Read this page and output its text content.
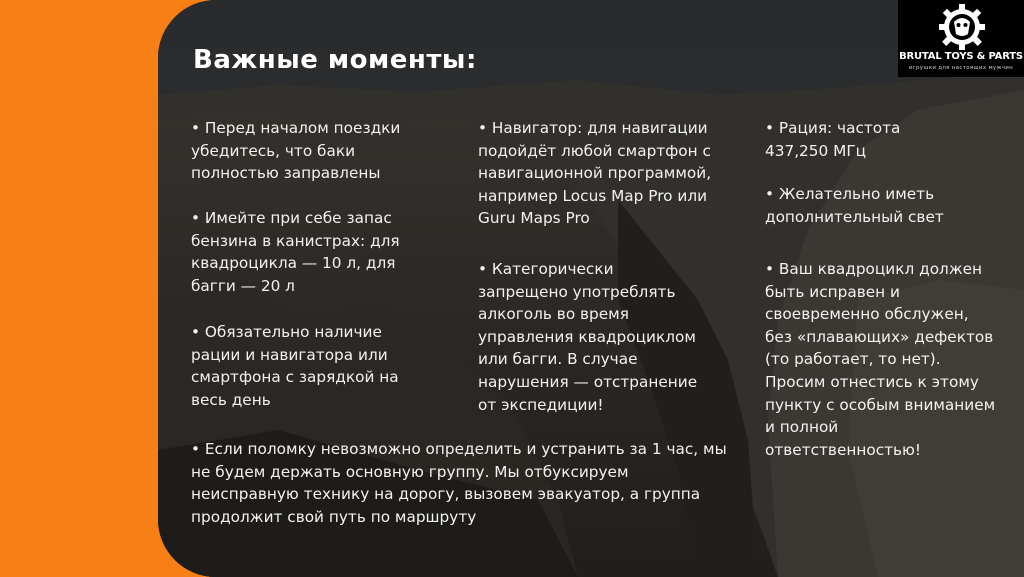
Важные моменты:

• Перед началом поездки
убедитесь, что баки
полностью заправлены

• Имейте при себе запас
бензина в канистрах: для
квадроцикла — 10 л, для
багги — 20 л

• Обязательно наличие
рации и навигатора или
смартфона с зарядкой на
весь день

• Навигатор: для навигации
подойдёт любой смартфон с
навигационной программой,
например Locus Map Pro или
Guru Maps Pro

• Категорически
запрещено употреблять
алкоголь во время
управления квадроциклом
или багги. В случае
нарушения — отстранение
от экспедиции!

• Рация: частота
437,250 МГц

• Желательно иметь
дополнительный свет

• Ваш квадроцикл должен
быть исправен и
своевременно обслужен,
без «плавающих» дефектов
(то работает, то нет).
Просим отнестись к этому
пункту с особым вниманием
и полной
ответственностью!

• Если поломку невозможно определить и устранить за 1 час, мы
не будем держать основную группу. Мы отбуксируем
неисправную технику на дорогу, вызовем эвакуатор, а группа
продолжит свой путь по маршруту

BRUTAL TOYS & PARTS
игрушки для настоящих мужчин
